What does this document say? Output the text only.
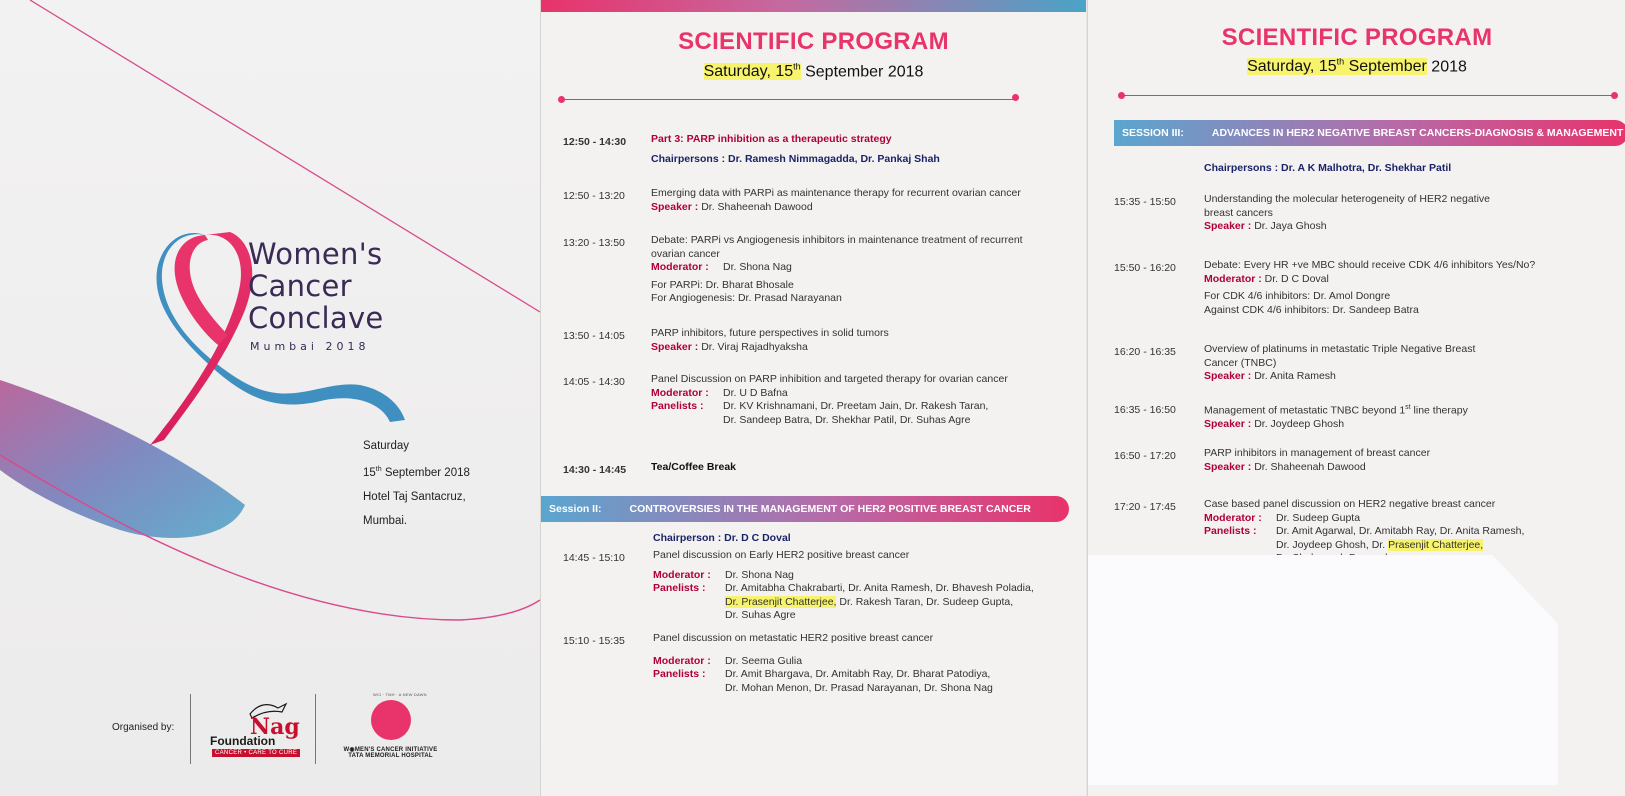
Women's
Cancer
Conclave
Mumbai 2018
Saturday
15th September 2018
Hotel Taj Santacruz,
Mumbai.
Organised by:	Nag
Foundation
CANCER • CARE TO CURE
WCI · TMH · A NEW DAWN
W◉MEN'S CANCER INITIATIVE
TATA MEMORIAL HOSPITAL
SCIENTIFIC PROGRAM
Saturday, 15th September 2018
12:50 - 14:30 Part 3: PARP inhibition as a therapeutic strategy
Chairpersons : Dr. Ramesh Nimmagadda, Dr. Pankaj Shah
12:50 - 13:20 Emerging data with PARPi as maintenance therapy for recurrent ovarian cancer
Speaker : Dr. Shaheenah Dawood
13:20 - 13:50 Debate: PARPi vs Angiogenesis inhibitors in maintenance treatment of recurrent
ovarian cancer
Moderator : Dr. Shona Nag
For PARPi: Dr. Bharat Bhosale
For Angiogenesis: Dr. Prasad Narayanan
13:50 - 14:05 PARP inhibitors, future perspectives in solid tumors
Speaker : Dr. Viraj Rajadhyaksha
14:05 - 14:30 Panel Discussion on PARP inhibition and targeted therapy for ovarian cancer
Moderator : Dr. U D Bafna
Panelists : Dr. KV Krishnamani, Dr. Preetam Jain, Dr. Rakesh Taran,
Dr. Sandeep Batra, Dr. Shekhar Patil, Dr. Suhas Agre
14:30 - 14:45 Tea/Coffee Break
Session II:	CONTROVERSIES IN THE MANAGEMENT OF HER2 POSITIVE BREAST CANCER
Chairperson : Dr. D C Doval
14:45 - 15:10	Panel discussion on Early HER2 positive breast cancer
Moderator : Dr. Shona Nag
Panelists : Dr. Amitabha Chakrabarti, Dr. Anita Ramesh, Dr. Bhavesh Poladia,
Dr. Prasenjit Chatterjee, Dr. Rakesh Taran, Dr. Sudeep Gupta,
Dr. Suhas Agre
15:10 - 15:35	Panel discussion on metastatic HER2 positive breast cancer
Moderator : Dr. Seema Gulia
Panelists : Dr. Amit Bhargava, Dr. Amitabh Ray, Dr. Bharat Patodiya,
Dr. Mohan Menon, Dr. Prasad Narayanan, Dr. Shona Nag
SCIENTIFIC PROGRAM
Saturday, 15th September 2018
SESSION III:	ADVANCES IN HER2 NEGATIVE BREAST CANCERS-DIAGNOSIS & MANAGEMENT
Chairpersons : Dr. A K Malhotra, Dr. Shekhar Patil
15:35 - 15:50	Understanding the molecular heterogeneity of HER2 negative
breast cancers
Speaker : Dr. Jaya Ghosh
15:50 - 16:20	Debate: Every HR +ve MBC should receive CDK 4/6 inhibitors Yes/No?
Moderator : Dr. D C Doval
For CDK 4/6 inhibitors: Dr. Amol Dongre
Against CDK 4/6 inhibitors: Dr. Sandeep Batra
16:20 - 16:35	Overview of platinums in metastatic Triple Negative Breast
Cancer (TNBC)
Speaker : Dr. Anita Ramesh
16:35 - 16:50	Management of metastatic TNBC beyond 1st line therapy
Speaker : Dr. Joydeep Ghosh
16:50 - 17:20	PARP inhibitors in management of breast cancer
Speaker : Dr. Shaheenah Dawood
17:20 - 17:45	Case based panel discussion on HER2 negative breast cancer
Moderator : Dr. Sudeep Gupta
Panelists : Dr. Amit Agarwal, Dr. Amitabh Ray, Dr. Anita Ramesh,
Dr. Joydeep Ghosh, Dr. Prasenjit Chatterjee,
